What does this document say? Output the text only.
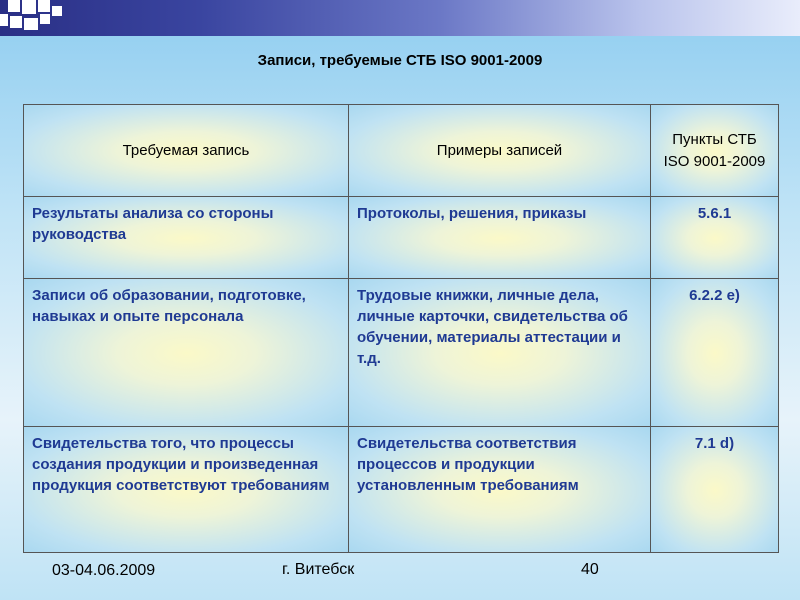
Записи, требуемые СТБ ISO 9001-2009
Требуемая запись	Примеры записей	Пункты СТБ ISO 9001-2009
Результаты анализа со стороны руководства	Протоколы, решения, приказы	5.6.1
Записи об образовании, подготовке, навыках и опыте персонала	Трудовые книжки, личные дела, личные карточки, свидетельства об обучении, материалы аттестации и т.д.	6.2.2 e)
Свидетельства того, что процессы создания продукции и произведенная продукция соответствуют требованиям	Свидетельства соответствия процессов и продукции установленным требованиям	7.1 d)
03-04.06.2009	г. Витебск	40
